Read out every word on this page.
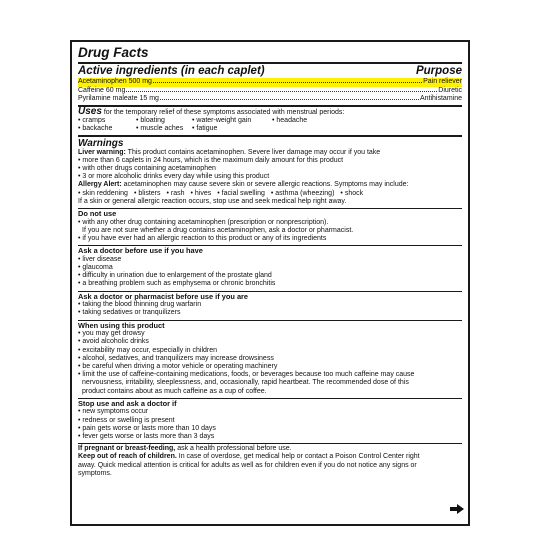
Drug Facts
Active ingredients (in each caplet)	Purpose
Acetaminophen 500 mg	Pain reliever
Caffeine 60 mg	Diuretic
Pyrilamine maleate 15 mg	Antihistamine
Uses for the temporary relief of these symptoms associated with menstrual periods:
• cramps	• bloating	• water-weight gain	• headache
• backache	• muscle aches	• fatigue
Warnings
Liver warning: This product contains acetaminophen. Severe liver damage may occur if you take
• more than 6 caplets in 24 hours, which is the maximum daily amount for this product
• with other drugs containing acetaminophen
• 3 or more alcoholic drinks every day while using this product
Allergy Alert: acetaminophen may cause severe skin or severe allergic reactions. Symptoms may include:
• skin reddening • blisters • rash • hives • facial swelling • asthma (wheezing) • shock
If a skin or general allergic reaction occurs, stop use and seek medical help right away.
Do not use
• with any other drug containing acetaminophen (prescription or nonprescription).
If you are not sure whether a drug contains acetaminophen, ask a doctor or pharmacist.
• if you have ever had an allergic reaction to this product or any of its ingredients
Ask a doctor before use if you have
• liver disease
• glaucoma
• difficulty in urination due to enlargement of the prostate gland
• a breathing problem such as emphysema or chronic bronchitis
Ask a doctor or pharmacist before use if you are
• taking the blood thinning drug warfarin
• taking sedatives or tranquilizers
When using this product
• you may get drowsy
• avoid alcoholic drinks
• excitability may occur, especially in children
• alcohol, sedatives, and tranquilizers may increase drowsiness
• be careful when driving a motor vehicle or operating machinery
• limit the use of caffeine-containing medications, foods, or beverages because too much caffeine may cause
nervousness, irritability, sleeplessness, and, occasionally, rapid heartbeat. The recommended dose of this
product contains about as much caffeine as a cup of coffee.
Stop use and ask a doctor if
• new symptoms occur
• redness or swelling is present
• pain gets worse or lasts more than 10 days
• fever gets worse or lasts more than 3 days
If pregnant or breast-feeding, ask a health professional before use.
Keep out of reach of children. In case of overdose, get medical help or contact a Poison Control Center right
away. Quick medical attention is critical for adults as well as for children even if you do not notice any signs or
symptoms.
